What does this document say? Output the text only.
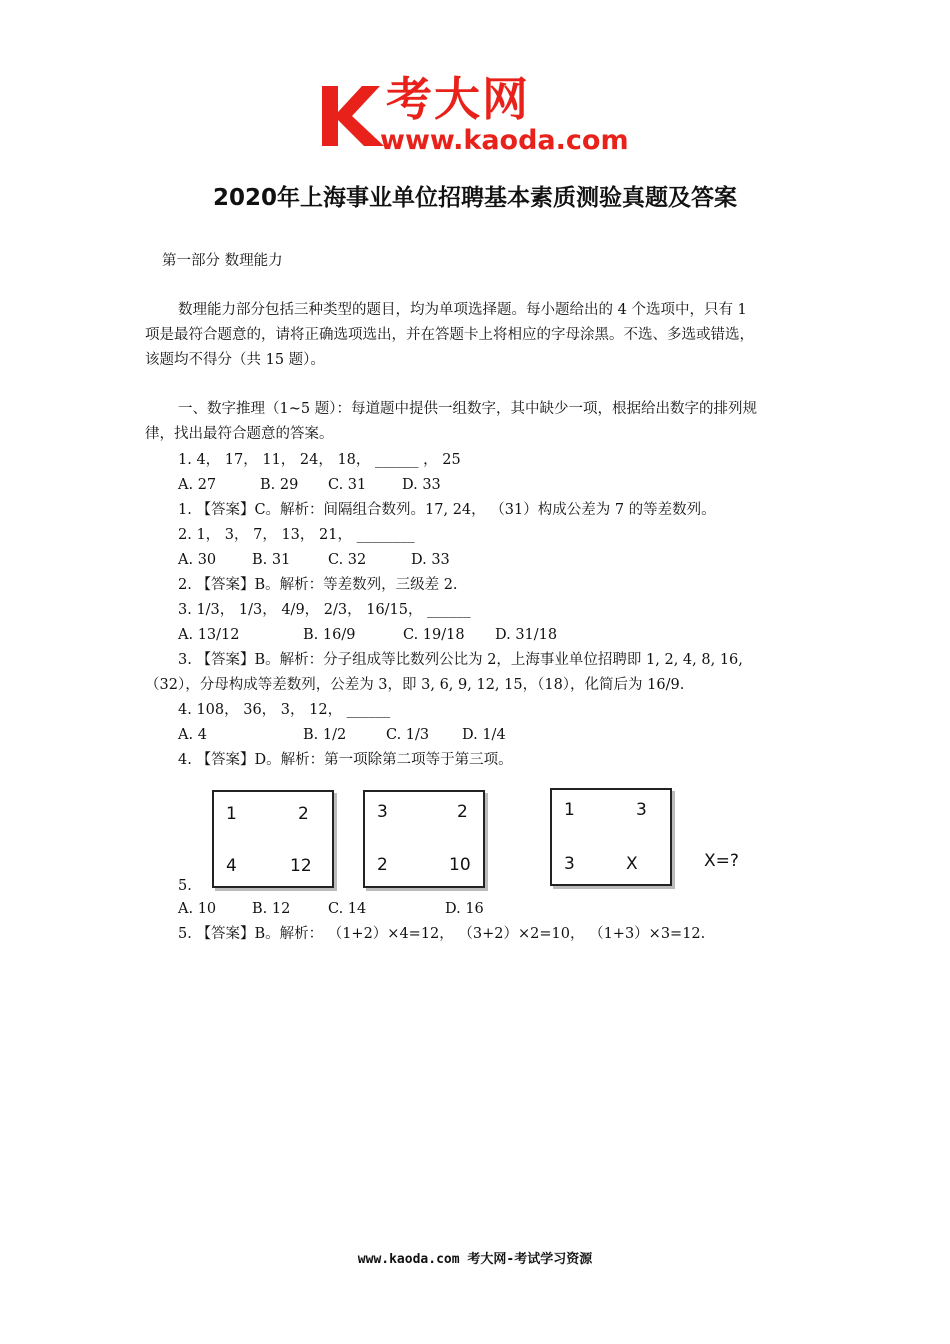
考大网
www.kaoda.com
2020年上海事业单位招聘基本素质测验真题及答案
第一部分 数理能力
数理能力部分包括三种类型的题目，均为单项选择题。每小题给出的 4 个选项中，只有 1
项是最符合题意的，请将正确选项选出，并在答题卡上将相应的字母涂黑。不选、多选或错选，
该题均不得分（共 15 题）。
一、数字推理（1~5 题）：每道题中提供一组数字，其中缺少一项，根据给出数字的排列规
律，找出最符合题意的答案。
1. 4， 17， 11， 24， 18， ______ ， 25
A. 27	B. 29 C. 31 D. 33
1. 【答案】C。解析：间隔组合数列。17, 24， （31）构成公差为 7 的等差数列。
2. 1， 3， 7， 13， 21， ________
A. 30 B. 31	C. 32	D. 33
2. 【答案】B。解析：等差数列，三级差 2.
3. 1/3， 1/3， 4/9， 2/3， 16/15， ______
A. 13/12	B. 16/9	C. 19/18 D. 31/18
3. 【答案】B。解析：分子组成等比数列公比为 2，上海事业单位招聘即 1, 2, 4, 8, 16,
（32），分母构成等差数列，公差为 3，即 3, 6, 9, 12, 15，（18），化简后为 16/9.
4. 108， 36， 3， 12， ______
A. 4	B. 1/2	C. 1/3 D. 1/4
4. 【答案】D。解析：第一项除第二项等于第三项。
1	2
4	12
3	2
2	10
1	3
3	X	X=?
5.
A. 10 B. 12	C. 14	D. 16
5. 【答案】B。解析： （1+2）×4=12， （3+2）×2=10， （1+3）×3=12.
www.kaoda.com 考大网-考试学习资源
